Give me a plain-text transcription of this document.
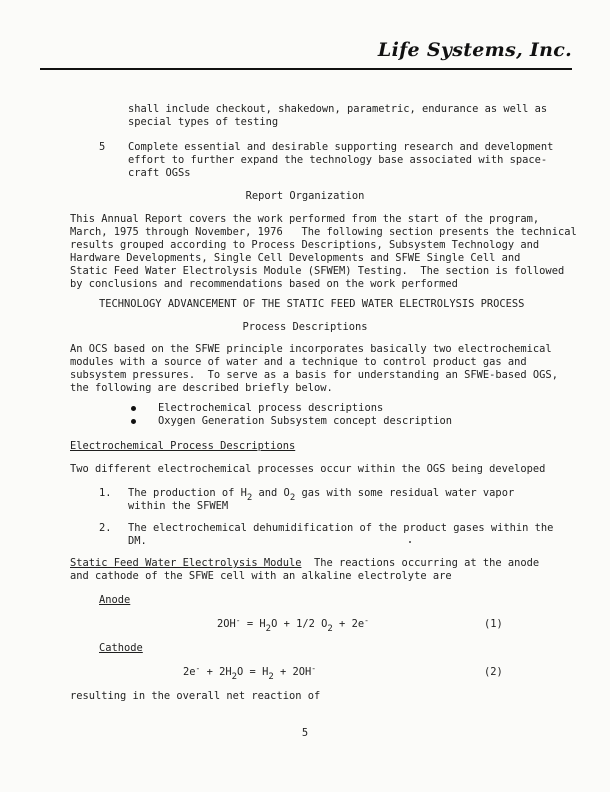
Life Systems, Inc.
shall include checkout, shakedown, parametric, endurance as well as
special types of testing
5 Complete essential and desirable supporting research and development
effort to further expand the technology base associated with space-
craft OGSs
Report Organization
This Annual Report covers the work performed from the start of the program,
March, 1975 through November, 1976   The following section presents the technical
results grouped according to Process Descriptions, Subsystem Technology and
Hardware Developments, Single Cell Developments and SFWE Single Cell and
Static Feed Water Electrolysis Module (SFWEM) Testing.  The section is followed
by conclusions and recommendations based on the work performed
TECHNOLOGY ADVANCEMENT OF THE STATIC FEED WATER ELECTROLYSIS PROCESS
Process Descriptions
An OCS based on the SFWE principle incorporates basically two electrochemical
modules with a source of water and a technique to control product gas and
subsystem pressures.  To serve as a basis for understanding an SFWE-based OGS,
the following are described briefly below.
Electrochemical process descriptions
Oxygen Generation Subsystem concept description
Electrochemical Process Descriptions
Two different electrochemical processes occur within the OGS being developed
1. The production of $H_2$ and $O_2$ gas with some residual water vapor
within the SFWEM
2. The electrochemical dehumidification of the product gases within the
DM.
Static Feed Water Electrolysis Module  The reactions occurring at the anode
and cathode of the SFWE cell with an alkaline electrolyte are
Anode
$2OH^- = H_2O + 1/2$ $O_2 + 2e^-$	(1)
Cathode
$2e^- + 2H_2O = H_2 + 2OH^-$	(2)
resulting in the overall net reaction of
5
